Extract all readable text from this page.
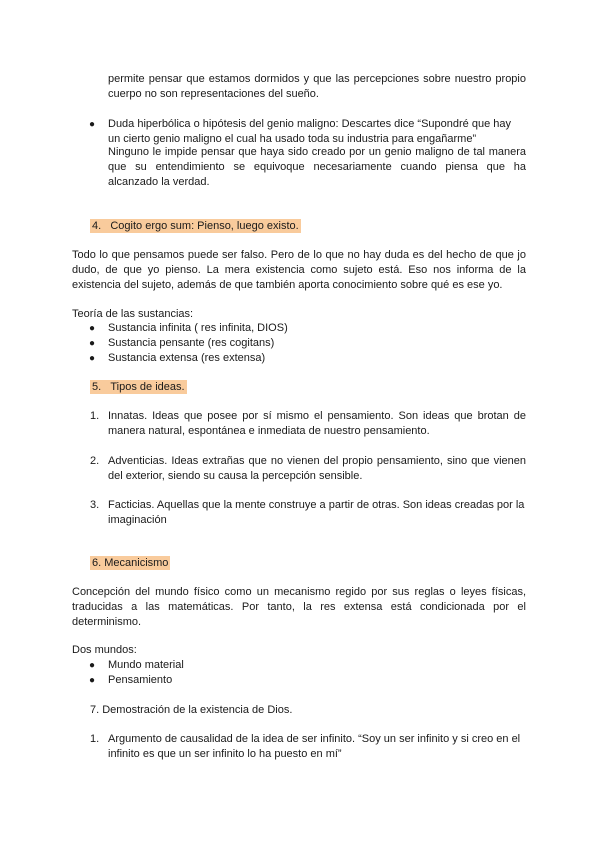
permite pensar que estamos dormidos y que las percepciones sobre nuestro propio cuerpo no son representaciones del sueño.
● Duda hiperbólica o hipótesis del genio maligno: Descartes dice “Supondré que hay un cierto genio maligno el cual ha usado toda su industria para engañarme”
Ninguno le impide pensar que haya sido creado por un genio maligno de tal manera que su entendimiento se equivoque necesariamente cuando piensa que ha alcanzado la verdad.
4. Cogito ergo sum: Pienso, luego existo.
Todo lo que pensamos puede ser falso. Pero de lo que no hay duda es del hecho de que jo dudo, de que yo pienso. La mera existencia como sujeto está. Eso nos informa de la existencia del sujeto, además de que también aporta conocimiento sobre qué es ese yo.
Teoría de las sustancias:
● Sustancia infinita ( res infinita, DIOS)
● Sustancia pensante (res cogitans)
● Sustancia extensa (res extensa)
5. Tipos de ideas.
1. Innatas. Ideas que posee por sí mismo el pensamiento. Son ideas que brotan de manera natural, espontánea e inmediata de nuestro pensamiento.
2. Adventicias. Ideas extrañas que no vienen del propio pensamiento, sino que vienen del exterior, siendo su causa la percepción sensible.
3. Facticias. Aquellas que la mente construye a partir de otras. Son ideas creadas por la imaginación
6. Mecanicismo
Concepción del mundo físico como un mecanismo regido por sus reglas o leyes físicas, traducidas a las matemáticas. Por tanto, la res extensa está condicionada por el determinismo.
Dos mundos:
● Mundo material
● Pensamiento
7. Demostración de la existencia de Dios.
1. Argumento de causalidad de la idea de ser infinito. “Soy un ser infinito y si creo en el infinito es que un ser infinito lo ha puesto en mí”
